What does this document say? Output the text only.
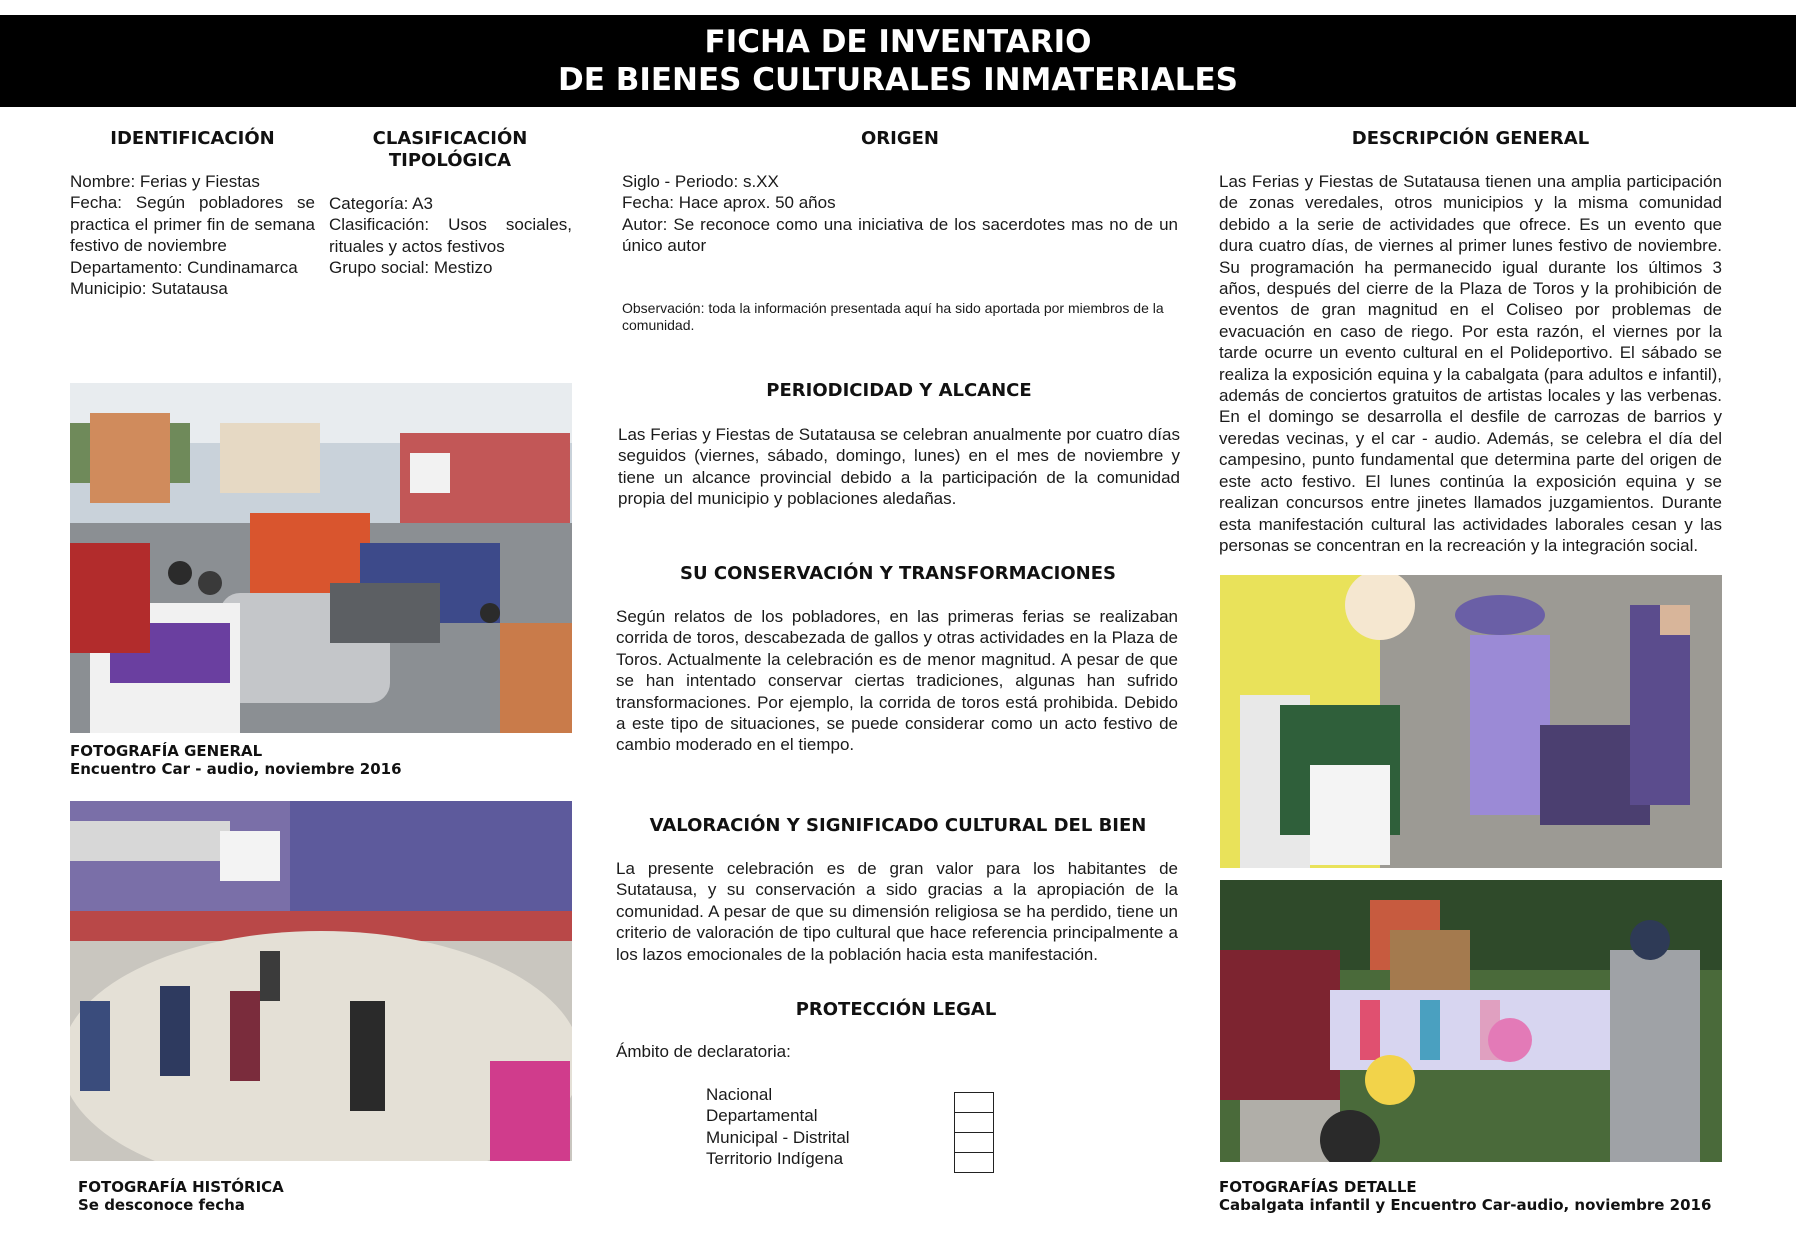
FICHA DE INVENTARIO
DE BIENES CULTURALES INMATERIALES
IDENTIFICACIÓN
Nombre: Ferias y Fiestas
Fecha: Según pobladores se practica el primer fin de semana festivo de noviembre
Departamento: Cundinamarca
Municipio: Sutatausa
CLASIFICACIÓN
TIPOLÓGICA
Categoría: A3
Clasificación: Usos sociales, rituales y actos festivos
Grupo social: Mestizo
ORIGEN
Siglo - Periodo: s.XX
Fecha: Hace aprox. 50 años
Autor: Se reconoce como una iniciativa de los sacerdotes mas no de un único autor
Observación: toda la información presentada aquí ha sido aportada por miembros de la comunidad.
PERIODICIDAD Y ALCANCE
Las Ferias y Fiestas de Sutatausa se celebran anualmente por cuatro días seguidos (viernes, sábado, domingo, lunes) en el mes de noviembre y tiene un alcance provincial debido a la participación de la comunidad propia del municipio y poblaciones aledañas.
SU CONSERVACIÓN Y TRANSFORMACIONES
Según relatos de los pobladores, en las primeras ferias se realizaban corrida de toros, descabezada de gallos y otras actividades en la Plaza de Toros. Actualmente la celebración es de menor magnitud. A pesar de que se han intentado conservar ciertas tradiciones, algunas han sufrido transformaciones. Por ejemplo, la corrida de toros está prohibida. Debido a este tipo de situaciones, se puede considerar como un acto festivo de cambio moderado en el tiempo.
VALORACIÓN Y SIGNIFICADO CULTURAL DEL BIEN
La presente celebración es de gran valor para los habitantes de Sutatausa, y su conservación a sido gracias a la apropiación de la comunidad. A pesar de que su dimensión religiosa se ha perdido, tiene un criterio de valoración de tipo cultural que hace referencia principalmente a los lazos emocionales de la población hacia esta manifestación.
PROTECCIÓN LEGAL
Ámbito de declaratoria:
Nacional
Departamental
Municipal - Distrital
Territorio Indígena
DESCRIPCIÓN GENERAL
Las Ferias y Fiestas de Sutatausa tienen una amplia participación de zonas veredales, otros municipios y la misma comunidad debido a la serie de actividades que ofrece. Es un evento que dura cuatro días, de viernes al primer lunes festivo de noviembre. Su programación ha permanecido igual durante los últimos 3 años, después del cierre de la Plaza de Toros y la prohibición de eventos de gran magnitud en el Coliseo por problemas de evacuación en caso de riego. Por esta razón, el viernes por la tarde ocurre un evento cultural en el Polideportivo. El sábado se realiza la exposición equina y la cabalgata (para adultos e infantil), además de conciertos gratuitos de artistas locales y las verbenas. En el domingo se desarrolla el desfile de carrozas de barrios y veredas vecinas, y el car - audio. Además, se celebra el día del campesino, punto fundamental que determina parte del origen de este acto festivo. El lunes continúa la exposición equina y se realizan concursos entre jinetes llamados juzgamientos. Durante esta manifestación cultural las actividades laborales cesan y las personas se concentran en la recreación y la integración social.
FOTOGRAFÍA GENERAL
Encuentro Car - audio, noviembre 2016
FOTOGRAFÍA HISTÓRICA
Se desconoce fecha
FOTOGRAFÍAS DETALLE
Cabalgata infantil y Encuentro Car-audio, noviembre 2016
